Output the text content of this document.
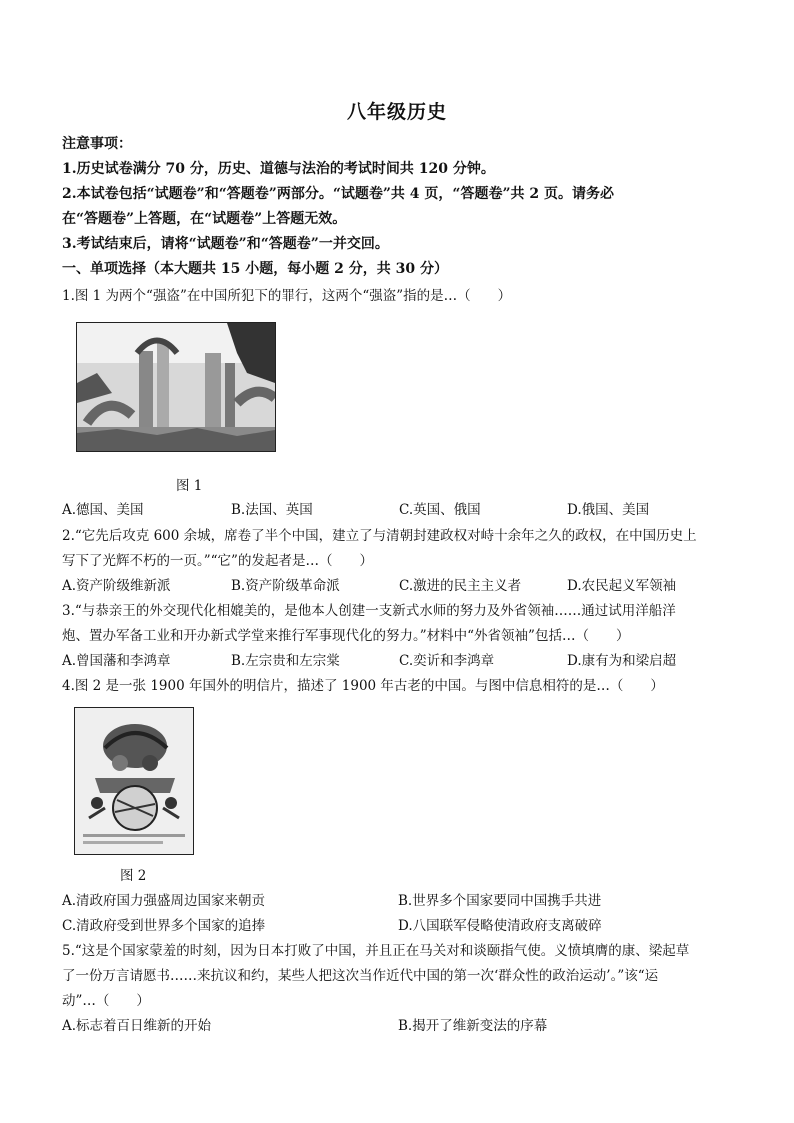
八年级历史
注意事项：
1.历史试卷满分 70 分，历史、道德与法治的考试时间共 120 分钟。
2.本试卷包括“试题卷”和“答题卷”两部分。“试题卷”共 4 页，“答题卷”共 2 页。请务必
在“答题卷”上答题，在“试题卷”上答题无效。
3.考试结束后，请将“试题卷”和“答题卷”一并交回。
一、单项选择（本大题共 15 小题，每小题 2 分，共 30 分）
1.图 1 为两个“强盗”在中国所犯下的罪行，这两个“强盗”指的是…（　　）
图 1
A.德国、美国	B.法国、英国	C.英国、俄国	D.俄国、美国
2.“它先后攻克 600 余城，席卷了半个中国，建立了与清朝封建政权对峙十余年之久的政权，在中国历史上
写下了光辉不朽的一页。”“它”的发起者是…（　　）
A.资产阶级维新派	B.资产阶级革命派	C.激进的民主主义者	D.农民起义军领袖
3.“与恭亲王的外交现代化相媲美的，是他本人创建一支新式水师的努力及外省领袖……通过试用洋船洋
炮、置办军备工业和开办新式学堂来推行军事现代化的努力。”材料中“外省领袖”包括…（　　）
A.曾国藩和李鸿章	B.左宗贵和左宗棠	C.奕䜣和李鸿章	D.康有为和梁启超
4.图 2 是一张 1900 年国外的明信片，描述了 1900 年古老的中国。与图中信息相符的是…（　　）
图 2
A.清政府国力强盛周边国家来朝贡	B.世界多个国家要同中国携手共进
C.清政府受到世界多个国家的追捧	D.八国联军侵略使清政府支离破碎
5.“这是个国家蒙羞的时刻，因为日本打败了中国，并且正在马关对和谈颐指气使。义愤填膺的康、梁起草
了一份万言请愿书……来抗议和约，某些人把这次当作近代中国的第一次‘群众性的政治运动’。”该“运
动”…（　　）
A.标志着百日维新的开始	B.揭开了维新变法的序幕
